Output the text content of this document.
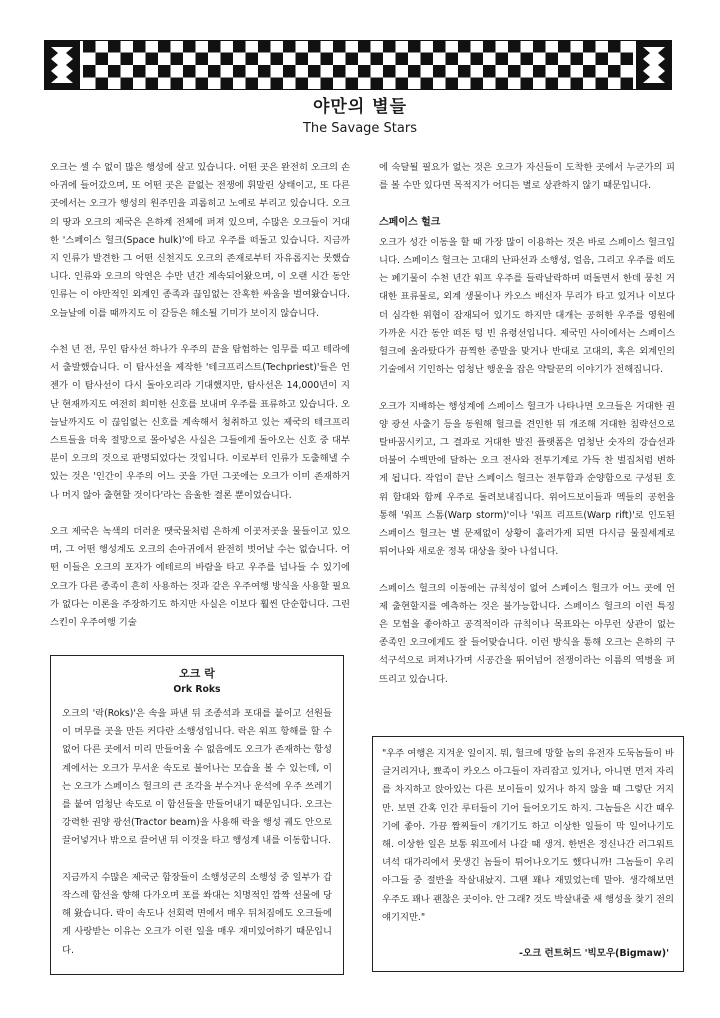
야만의 별들
The Savage Stars

오크는 셀 수 없이 많은 행성에 살고 있습니다. 어떤 곳은 완전히 오크의 손아귀에 들어갔으며, 또 어떤 곳은 끝없는 전쟁에 휘말린 상태이고, 또 다른 곳에서는 오크가 행성의 원주민을 괴롭히고 노예로 부리고 있습니다. 오크의 땅과 오크의 제국은 은하계 전체에 퍼져 있으며, 수많은 오크들이 거대한 '스페이스 헐크(Space hulk)'에 타고 우주를 떠돌고 있습니다. 지금까지 인류가 발견한 그 어떤 신천지도 오크의 존재로부터 자유롭지는 못했습니다. 인류와 오크의 악연은 수만 년간 계속되어왔으며, 이 오랜 시간 동안 인류는 이 야만적인 외계인 종족과 끊임없는 잔혹한 싸움을 벌여왔습니다. 오늘날에 이를 때까지도 이 갈등은 해소될 기미가 보이지 않습니다.

수천 년 전, 무인 탐사선 하나가 우주의 끝을 탐험하는 임무를 띠고 테라에서 출발했습니다. 이 탐사선을 제작한 '테크프리스트(Techpriest)'들은 언젠가 이 탐사선이 다시 돌아오리라 기대했지만, 탐사선은 14,000년이 지난 현재까지도 여전히 희미한 신호를 보내며 우주를 표류하고 있습니다. 오늘날까지도 이 끊임없는 신호를 계속해서 청취하고 있는 제국의 테크프리스트들을 더욱 절망으로 몰아넣은 사실은 그들에게 돌아오는 신호 중 대부분이 오크의 것으로 판명되었다는 것입니다. 이로부터 인류가 도출해낼 수 있는 것은 '인간이 우주의 어느 곳을 가던 그곳에는 오크가 이미 존재하거나 머지 않아 출현할 것이다'라는 음울한 결론 뿐이었습니다.

오크 제국은 녹색의 더러운 땟국물처럼 은하계 이곳저곳을 물들이고 있으며, 그 어떤 행성계도 오크의 손아귀에서 완전히 벗어날 수는 없습니다. 어떤 이들은 오크의 포자가 에테르의 바람을 타고 우주를 넘나들 수 있기에 오크가 다른 종족이 흔히 사용하는 것과 같은 우주여행 방식을 사용할 필요가 없다는 이론을 주장하기도 하지만 사실은 이보다 훨씬 단순합니다. 그린스킨이 우주여행 기술

에 숙달될 필요가 없는 것은 오크가 자신들이 도착한 곳에서 누군가의 피를 볼 수만 있다면 목적지가 어디든 별로 상관하지 않기 때문입니다.

스페이스 헐크

오크가 성간 이동을 할 때 가장 많이 이용하는 것은 바로 스페이스 헐크입니다. 스페이스 헐크는 고대의 난파선과 소행성, 얼음, 그리고 우주를 떠도는 폐기물이 수천 년간 워프 우주를 들락날락하며 떠돌면서 한데 뭉친 거대한 표류물로, 외계 생물이나 카오스 배신자 무리가 타고 있거나 이보다 더 심각한 위협이 잠재되어 있기도 하지만 대개는 공허한 우주를 영원에 가까운 시간 동안 떠돈 텅 빈 유령선입니다. 제국민 사이에서는 스페이스 헐크에 올라탔다가 끔찍한 종말을 맞거나 반대로 고대의, 혹은 외계인의 기술에서 기인하는 엄청난 행운을 잡은 약탈꾼의 이야기가 전해집니다.

오크가 지배하는 행성계에 스페이스 헐크가 나타나면 오크들은 거대한 권양 광선 사출기 등을 동원해 헐크를 견인한 뒤 개조해 거대한 침략선으로 탈바꿈시키고, 그 결과로 거대한 발진 플랫폼은 엄청난 숫자의 강습선과 더불어 수백만에 달하는 오크 전사와 전투기계로 가득 찬 벌집처럼 변하게 됩니다. 작업이 끝난 스페이스 헐크는 전투함과 순양함으로 구성된 호위 함대와 함께 우주로 돌려보내집니다. 위어드보이들과 멕들의 공헌을 통해 '워프 스톰(Warp storm)'이나 '워프 리프트(Warp rift)'로 인도된 스페이스 헐크는 별 문제없이 상황이 흘러가게 되면 다시금 물질세계로 튀어나와 새로운 정복 대상을 찾아 나섭니다.

스페이스 헐크의 이동에는 규칙성이 없어 스페이스 헐크가 어느 곳에 언제 출현할지를 예측하는 것은 불가능합니다. 스페이스 헐크의 이런 특징은 모험을 좋아하고 공격적이라 규칙이나 목표와는 아무런 상관이 없는 종족인 오크에게도 잘 들어맞습니다. 이런 방식을 통해 오크는 은하의 구석구석으로 퍼져나가며 시공간을 뛰어넘어 전쟁이라는 이름의 역병을 퍼뜨리고 있습니다.

오크 락
Ork Roks

오크의 '락(Roks)'은 속을 파낸 뒤 조종석과 포대를 붙이고 선원들이 머무를 곳을 만든 커다란 소행성입니다. 락은 워프 항해를 할 수 없어 다른 곳에서 미리 만들어울 수 없음에도 오크가 존재하는 항성계에서는 오크가 무서운 속도로 불어나는 모습을 볼 수 있는데, 이는 오크가 스페이스 헐크의 큰 조각을 부수거나 운석에 우주 쓰레기를 붙여 엄청난 속도로 이 함선들을 만들어내기 때문입니다. 오크는 강력한 권양 광선(Tractor beam)을 사용해 락을 행성 궤도 안으로 끌어넣거나 밖으로 끌어낸 뒤 이것을 타고 행성계 내를 이동합니다.

지금까지 수많은 제국군 함장들이 소행성군의 소행성 중 일부가 갑작스레 함선을 향해 다가오며 포를 쏴대는 치명적인 깜짝 선물에 당해 왔습니다. 락이 속도나 선회력 면에서 매우 뒤처짐에도 오크들에게 사랑받는 이유는 오크가 이런 일을 매우 재미있어하기 때문입니다.

"우주 여행은 지겨운 일이지. 뭐, 헐크에 망할 놈의 유전자 도둑놈들이 바글거리거나, 뾰족이 카오스 아그들이 자리잡고 있거나, 아니면 먼저 자리를 차지하고 앉아있는 다른 보이들이 있거나 하지 않을 때 그렇단 거지만. 보면 간혹 인간 루터들이 기어 들어오기도 하지. 그놈들은 시간 때우기에 좋아. 가끔 짬찌들이 개기기도 하고 이상한 일들이 막 일어나기도 해. 이상한 일은 보통 워프에서 나갈 때 생겨. 한번은 정신나간 러그워트 녀석 대가리에서 못생긴 놈들이 튀어나오기도 했다니까! 그놈들이 우리 아그들 중 절반을 작살내놨지. 그땐 꽤나 재밌었는데 말야. 생각해보면 우주도 꽤나 괜찮은 곳이야. 안 그래? 것도 박살내줄 새 행성을 찾기 전의 얘기지만."
-오크 런트허드 '빅모우(Bigmaw)'
